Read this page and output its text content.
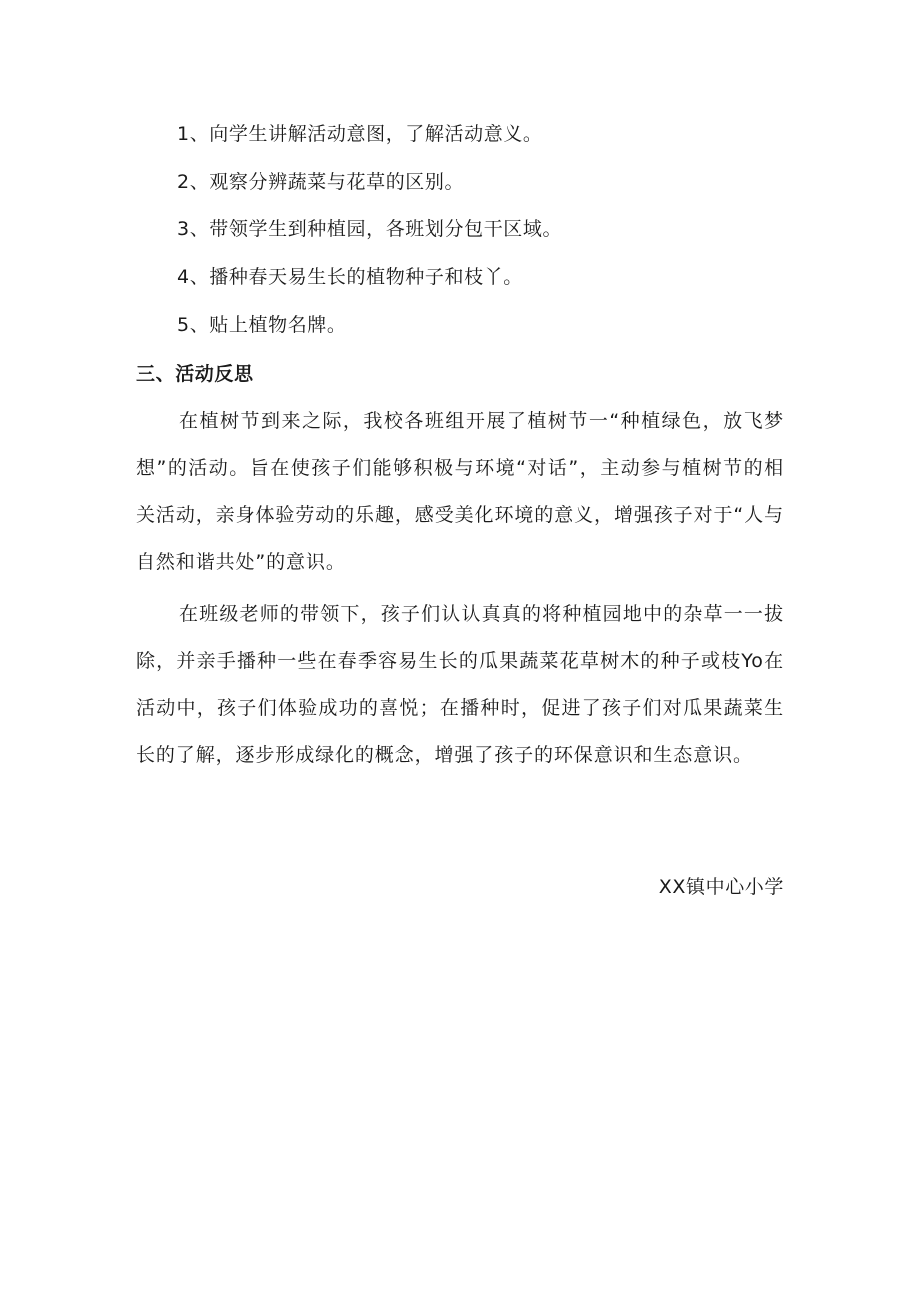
1、向学生讲解活动意图，了解活动意义。
2、观察分辨蔬菜与花草的区别。
3、带领学生到种植园，各班划分包干区域。
4、播种春天易生长的植物种子和枝丫。
5、贴上植物名牌。
三、活动反思

在植树节到来之际，我校各班组开展了植树节一“种植绿色，放飞梦想”的活动。旨在使孩子们能够积极与环境“对话”，主动参与植树节的相关活动，亲身体验劳动的乐趣，感受美化环境的意义，增强孩子对于“人与自然和谐共处”的意识。

在班级老师的带领下，孩子们认认真真的将种植园地中的杂草一一拔除，并亲手播种一些在春季容易生长的瓜果蔬菜花草树木的种子或枝Yo在活动中，孩子们体验成功的喜悦；在播种时，促进了孩子们对瓜果蔬菜生长的了解，逐步形成绿化的概念，增强了孩子的环保意识和生态意识。

XX镇中心小学
